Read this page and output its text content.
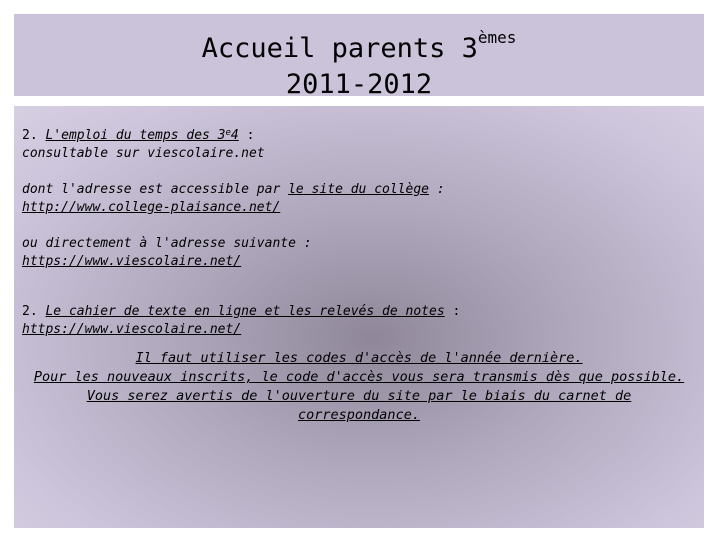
Accueil parents 3èmes
2011-2012

2. L'emploi du temps des 3e4 :

consultable sur viescolaire.net

dont l'adresse est accessible par le site du collège :

http://www.college-plaisance.net/

ou directement à l'adresse suivante :

https://www.viescolaire.net/

2. Le cahier de texte en ligne et les relevés de notes :

https://www.viescolaire.net/

Il faut utiliser les codes d'accès de l'année dernière.
Pour les nouveaux inscrits, le code d'accès vous sera transmis dès que possible.
Vous serez avertis de l'ouverture du site par le biais du carnet de
correspondance.
